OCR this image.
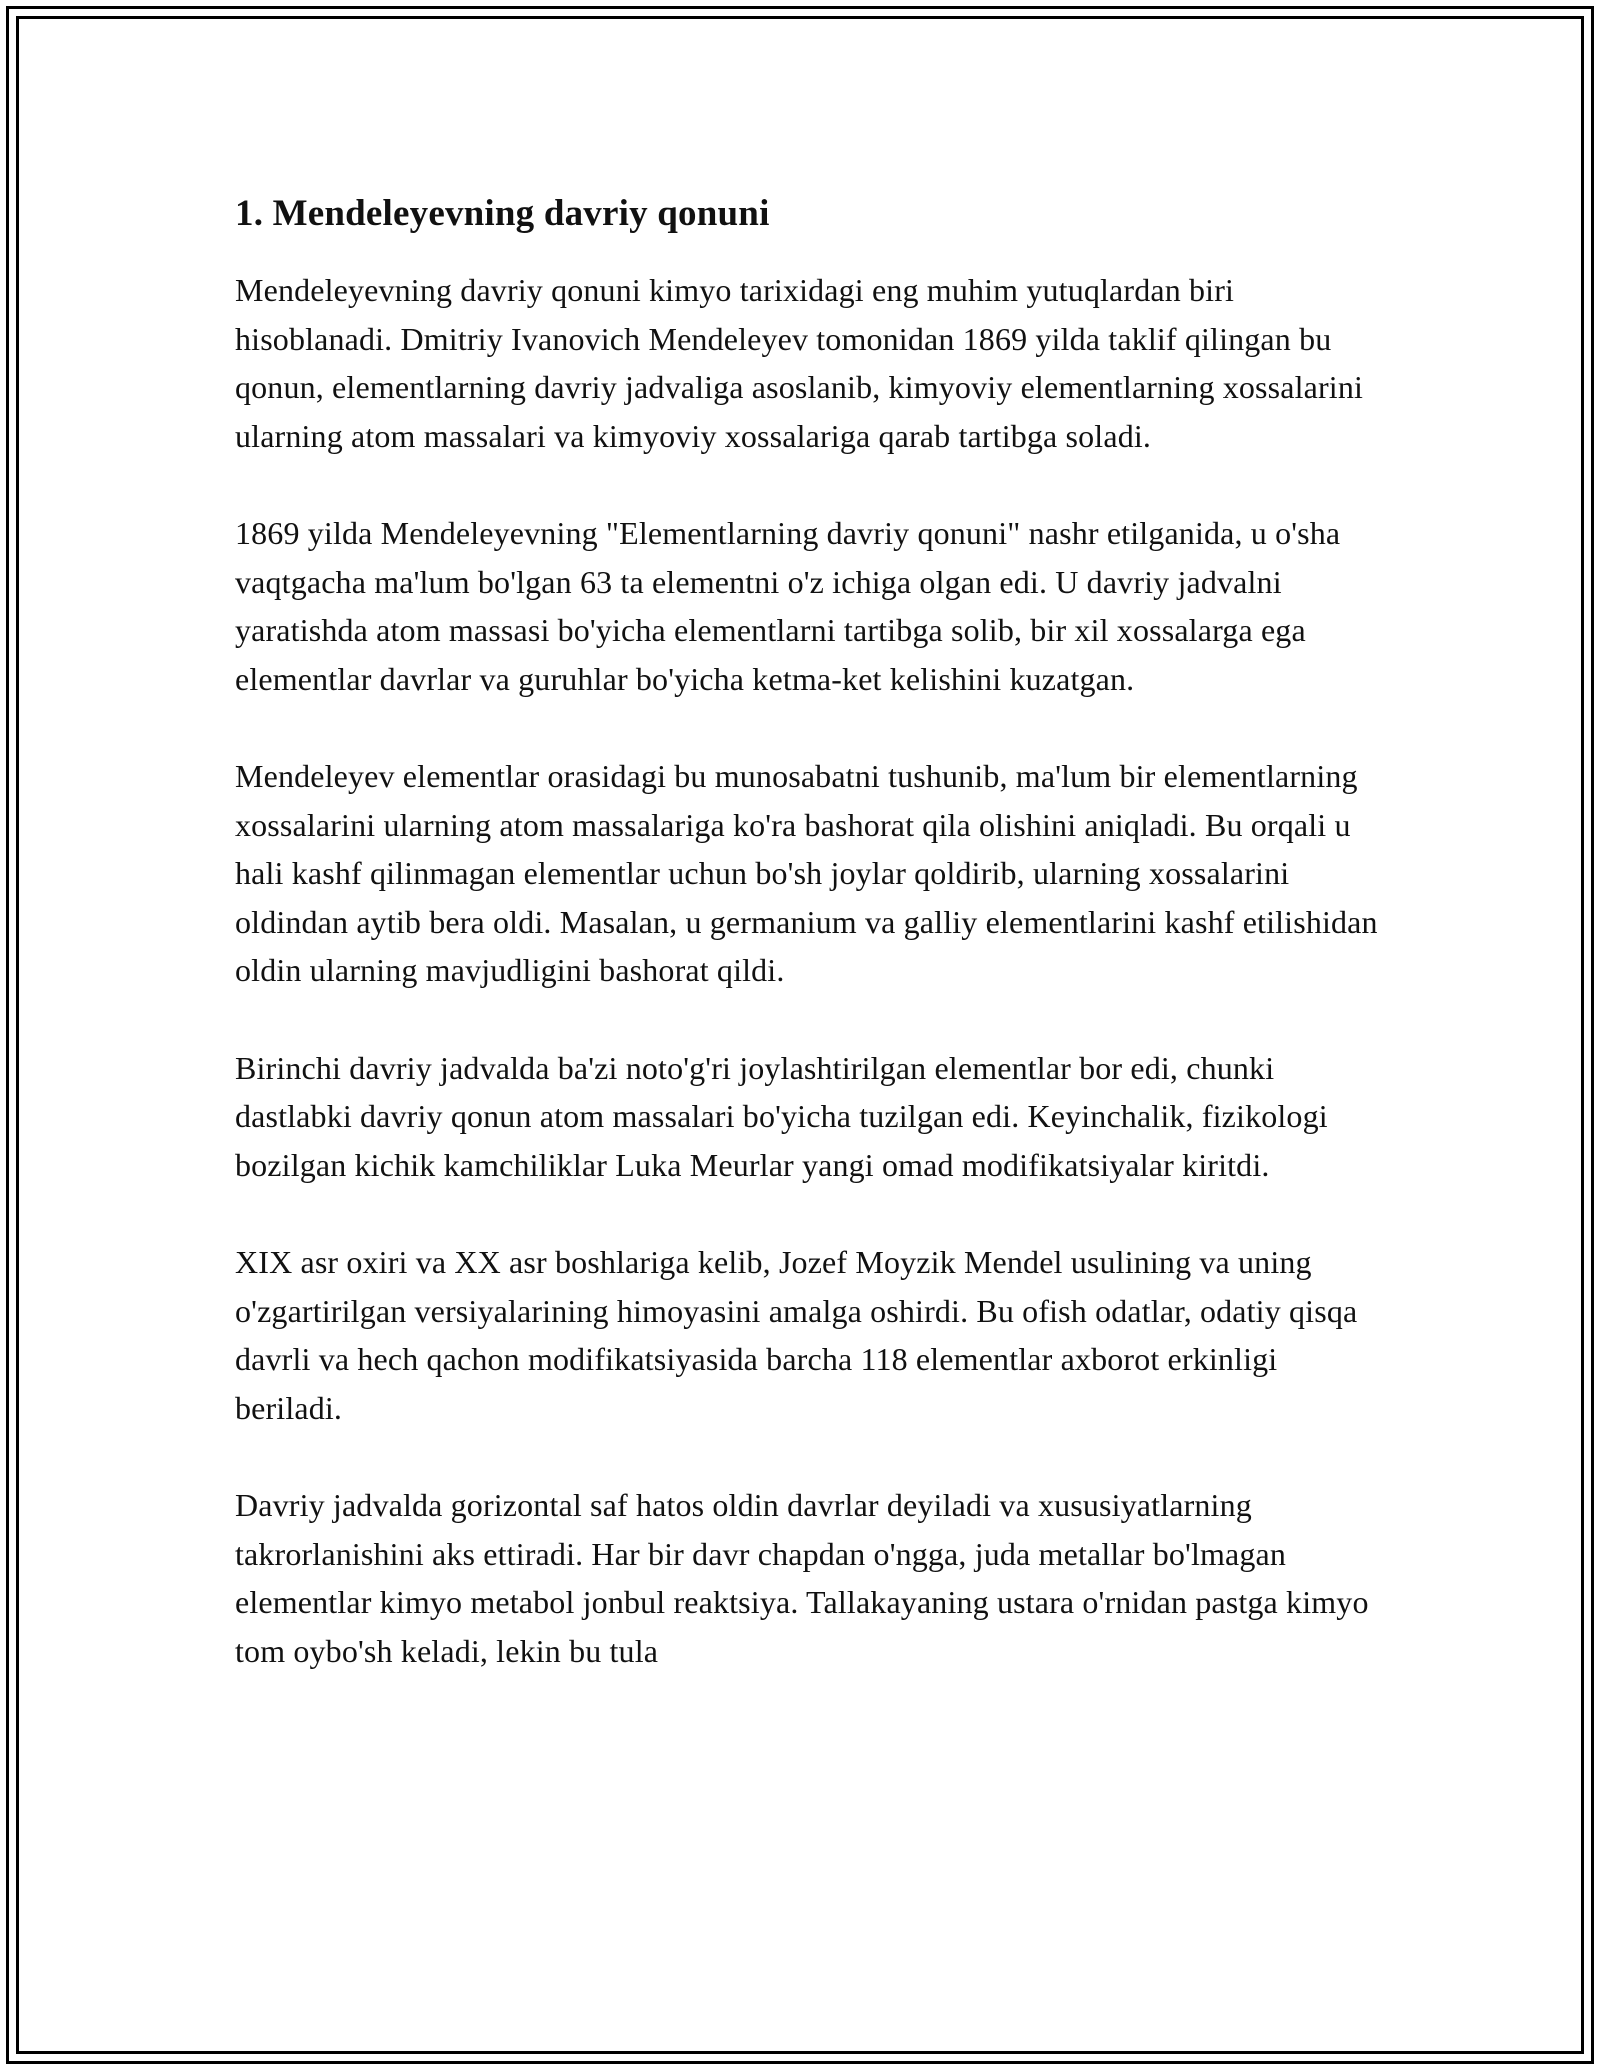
1. Mendeleyevning davriy qonuni

Mendeleyevning davriy qonuni kimyo tarixidagi eng muhim yutuqlardan biri hisoblanadi. Dmitriy Ivanovich Mendeleyev tomonidan 1869 yilda taklif qilingan bu qonun, elementlarning davriy jadvaliga asoslanib, kimyoviy elementlarning xossalarini ularning atom massalari va kimyoviy xossalariga qarab tartibga soladi.

1869 yilda Mendeleyevning "Elementlarning davriy qonuni" nashr etilganida, u o'sha vaqtgacha ma'lum bo'lgan 63 ta elementni o'z ichiga olgan edi. U davriy jadvalni yaratishda atom massasi bo'yicha elementlarni tartibga solib, bir xil xossalarga ega elementlar davrlar va guruhlar bo'yicha ketma-ket kelishini kuzatgan.

Mendeleyev elementlar orasidagi bu munosabatni tushunib, ma'lum bir elementlarning xossalarini ularning atom massalariga ko'ra bashorat qila olishini aniqladi. Bu orqali u hali kashf qilinmagan elementlar uchun bo'sh joylar qoldirib, ularning xossalarini oldindan aytib bera oldi. Masalan, u germanium va galliy elementlarini kashf etilishidan oldin ularning mavjudligini bashorat qildi.

Birinchi davriy jadvalda ba'zi noto'g'ri joylashtirilgan elementlar bor edi, chunki dastlabki davriy qonun atom massalari bo'yicha tuzilgan edi. Keyinchalik, fizikologi bozilgan kichik kamchiliklar Luka Meurlar yangi omad modifikatsiyalar kiritdi.

XIX asr oxiri va XX asr boshlariga kelib, Jozef Moyzik Mendel usulining va uning o'zgartirilgan versiyalarining himoyasini amalga oshirdi. Bu ofish odatlar, odatiy qisqa davrli va hech qachon modifikatsiyasida barcha 118 elementlar axborot erkinligi beriladi.

Davriy jadvalda gorizontal saf hatos oldin davrlar deyiladi va xususiyatlarning takrorlanishini aks ettiradi. Har bir davr chapdan o'ngga, juda metallar bo'lmagan elementlar kimyo metabol jonbul reaktsiya. Tallakayaning ustara o'rnidan pastga kimyo tom oybo'sh keladi, lekin bu tula
